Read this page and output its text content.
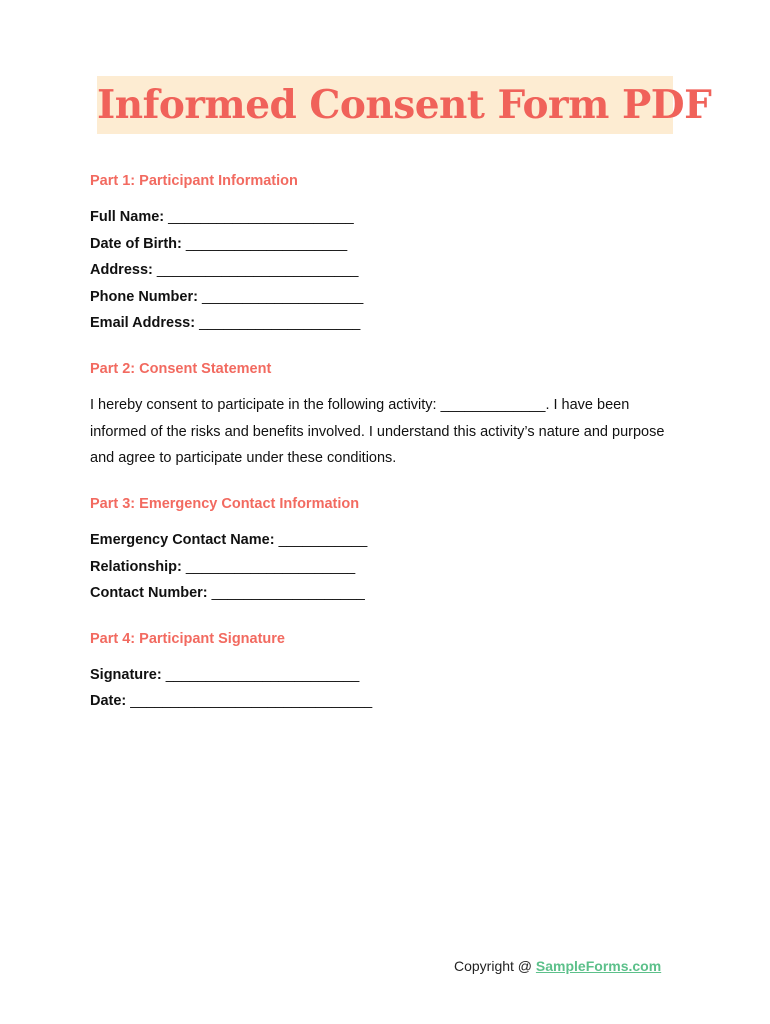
Informed Consent Form PDF
Part 1: Participant Information
Full Name: _______________________
Date of Birth: ____________________
Address: _________________________
Phone Number: ____________________
Email Address: ____________________
Part 2: Consent Statement

I hereby consent to participate in the following activity: _____________. I have been informed of the risks and benefits involved. I understand this activity’s nature and purpose and agree to participate under these conditions.

Part 3: Emergency Contact Information
Emergency Contact Name: ___________
Relationship: _____________________
Contact Number: ___________________
Part 4: Participant Signature
Signature: ________________________
Date: ______________________________
Copyright @ SampleForms.com
